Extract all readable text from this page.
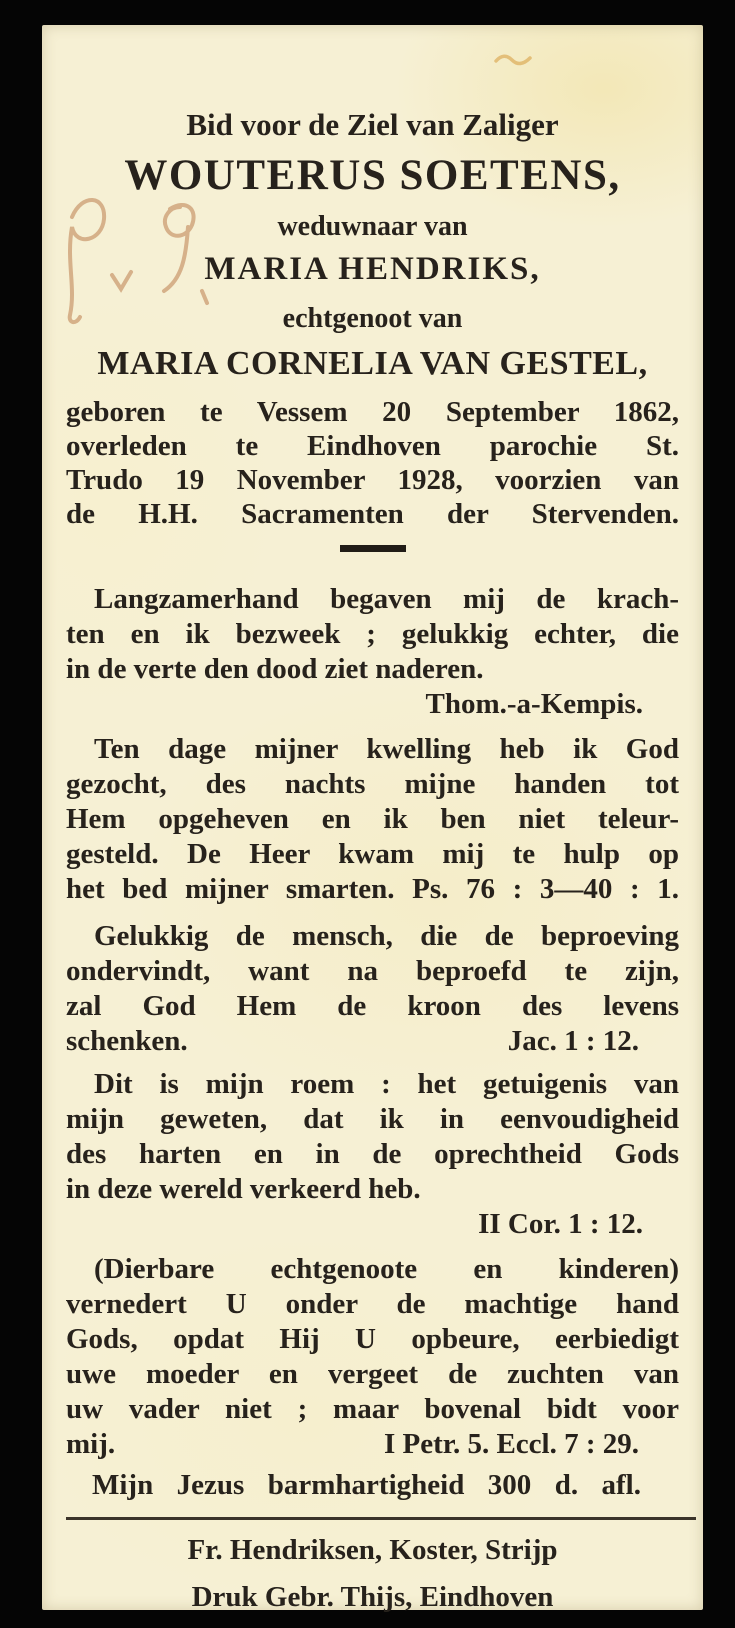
Bid voor de Ziel van Zaliger
WOUTERUS SOETENS,
weduwnaar van
MARIA HENDRIKS,
echtgenoot van
MARIA CORNELIA VAN GESTEL,
geboren te Vessem 20 September 1862,
overleden te Eindhoven parochie St.
Trudo 19 November 1928, voorzien van
de H.H. Sacramenten der Stervenden.
Langzamerhand begaven mij de krach-
ten en ik bezweek ; gelukkig echter, die
in de verte den dood ziet naderen.
Thom.-a-Kempis.
Ten dage mijner kwelling heb ik God
gezocht, des nachts mijne handen tot
Hem opgeheven en ik ben niet teleur-
gesteld. De Heer kwam mij te hulp op
het bed mijner smarten. Ps. 76 : 3—40 : 1.
Gelukkig de mensch, die de beproeving
ondervindt, want na beproefd te zijn,
zal God Hem de kroon des levens
schenken.	Jac. 1 : 12.
Dit is mijn roem : het getuigenis van
mijn geweten, dat ik in eenvoudigheid
des harten en in de oprechtheid Gods
in deze wereld verkeerd heb.
II Cor. 1 : 12.
(Dierbare echtgenoote en kinderen)
vernedert U onder de machtige hand
Gods, opdat Hij U opbeure, eerbiedigt
uwe moeder en vergeet de zuchten van
uw vader niet ; maar bovenal bidt voor
mij.	I Petr. 5. Eccl. 7 : 29.
Mijn Jezus barmhartigheid 300 d. afl.
Fr. Hendriksen, Koster, Strijp
Druk Gebr. Thijs, Eindhoven
